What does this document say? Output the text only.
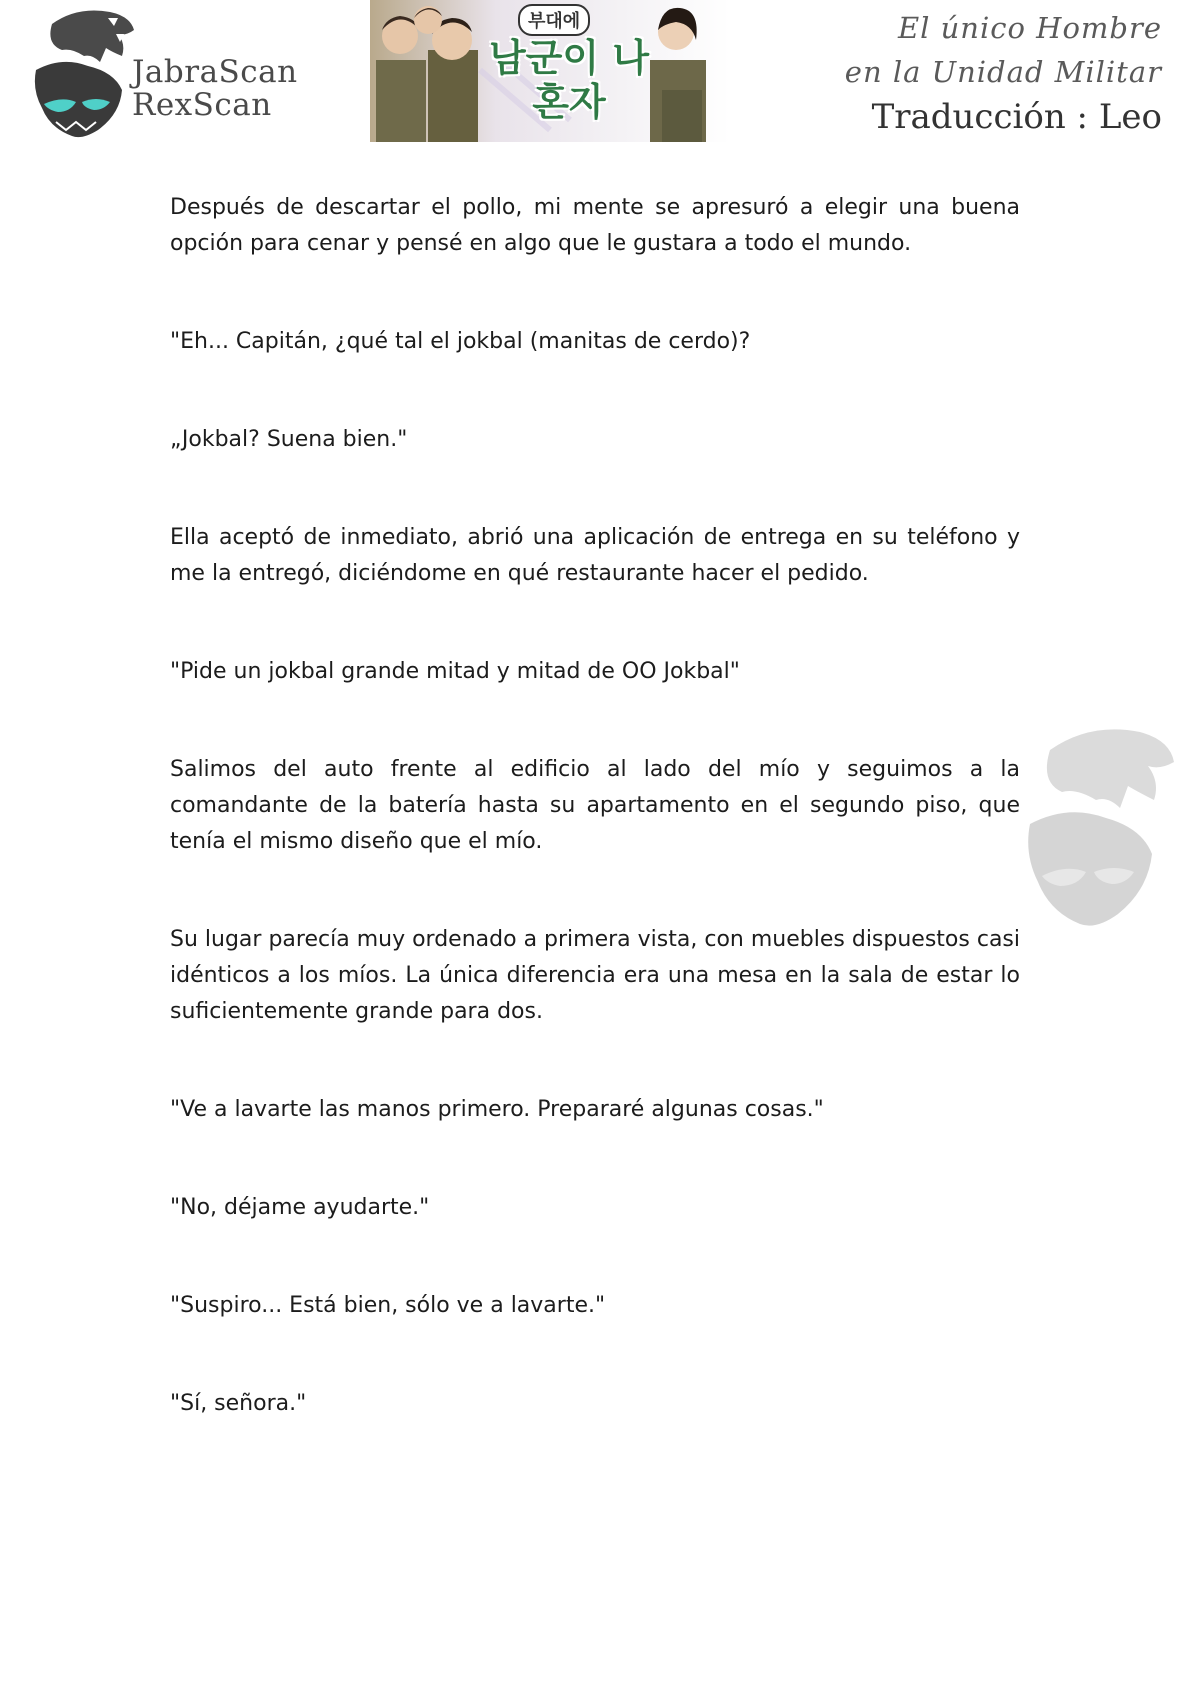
JabraScan
RexScan
부대에
남군이 나혼자
El único Hombre
en la Unidad Militar
Traducción : Leo

Después de descartar el pollo, mi mente se apresuró a elegir una buena opción para cenar y pensé en algo que le gustara a todo el mundo.

"Eh... Capitán, ¿qué tal el jokbal (manitas de cerdo)?

„Jokbal? Suena bien."

Ella aceptó de inmediato, abrió una aplicación de entrega en su teléfono y me la entregó, diciéndome en qué restaurante hacer el pedido.

"Pide un jokbal grande mitad y mitad de OO Jokbal"

Salimos del auto frente al edificio al lado del mío y seguimos a la comandante de la batería hasta su apartamento en el segundo piso, que tenía el mismo diseño que el mío.

Su lugar parecía muy ordenado a primera vista, con muebles dispuestos casi idénticos a los míos. La única diferencia era una mesa en la sala de estar lo suficientemente grande para dos.

"Ve a lavarte las manos primero. Prepararé algunas cosas."

"No, déjame ayudarte."

"Suspiro... Está bien, sólo ve a lavarte."

"Sí, señora."
